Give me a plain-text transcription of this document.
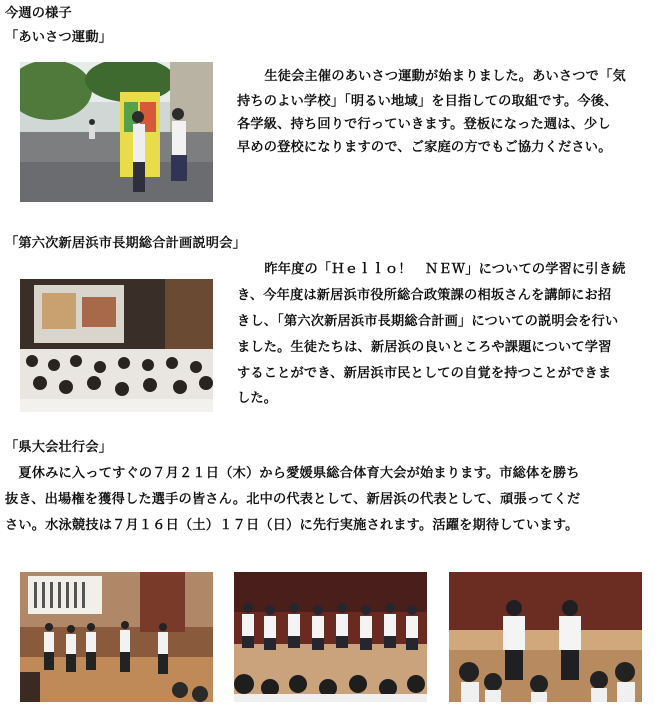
今週の様子
「あいさつ運動」
　生徒会主催のあいさつ運動が始まりました。あいさつで「気
持ちのよい学校」「明るい地域」を目指しての取組です。今後、
各学級、持ち回りで行っていきます。登板になった週は、少し
早めの登校になりますので、ご家庭の方でもご協力ください。
「第六次新居浜市長期総合計画説明会」
　昨年度の「Ｈｅｌｌｏ！　ＮＥＷ」についての学習に引き続
き、今年度は新居浜市役所総合政策課の相坂さんを講師にお招
きし、「第六次新居浜市長期総合計画」についての説明会を行い
ました。生徒たちは、新居浜の良いところや課題について学習
することができ、新居浜市民としての自覚を持つことができま
した。
「県大会壮行会」
　夏休みに入ってすぐの７月２１日（木）から愛媛県総合体育大会が始まります。市総体を勝ち
抜き、出場権を獲得した選手の皆さん。北中の代表として、新居浜の代表として、頑張ってくだ
さい。水泳競技は７月１６日（土）１７日（日）に先行実施されます。活躍を期待しています。
